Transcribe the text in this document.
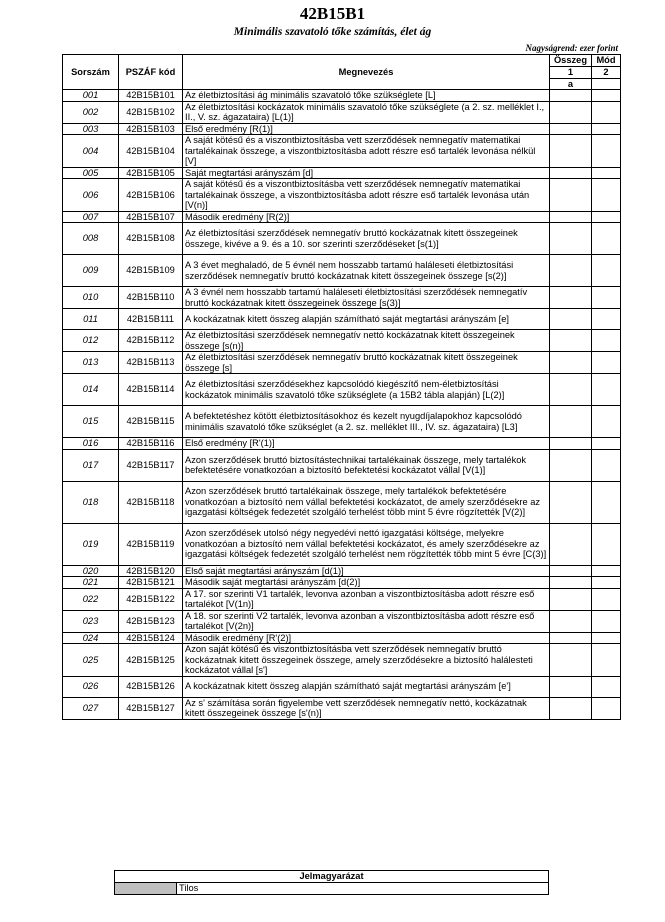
42B15B1
Minimális szavatoló tőke számítás, élet ág
Nagyságrend: ezer forint
Sorszám	PSZÁF kód	Megnevezés	Összeg	Mód
			1	2
			a	
001	42B15B101	Az életbiztosítási ág minimális szavatoló tőke szükséglete [L]		
002	42B15B102	Az életbiztosítási kockázatok minimális szavatoló tőke szükséglete (a 2. sz. melléklet I., II., V. sz. ágazataira) [L(1)]		
003	42B15B103	Első eredmény [R(1)]		
004	42B15B104	A saját kötésű és a viszontbiztosításba vett szerződések nemnegatív matematikai tartalékainak összege, a viszontbiztosításba adott részre eső tartalék levonása nélkül [V]		
005	42B15B105	Saját megtartási arányszám [d]		
006	42B15B106	A saját kötésű és a viszontbiztosításba vett szerződések nemnegatív matematikai tartalékainak összege, a viszontbiztosításba adott részre eső tartalék levonása után [V(n)]		
007	42B15B107	Második eredmény [R(2)]		
008	42B15B108	Az életbiztosítási szerződések nemnegatív bruttó kockázatnak kitett összegeinek összege, kivéve a 9. és a 10. sor szerinti szerződéseket [s(1)]		
009	42B15B109	A 3 évet meghaladó, de 5 évnél nem hosszabb tartamú haláleseti életbiztosítási szerződések nemnegatív bruttó kockázatnak kitett összegeinek összege [s(2)]		
010	42B15B110	A 3 évnél nem hosszabb tartamú haláleseti életbiztosítási szerződések nemnegatív bruttó kockázatnak kitett összegeinek összege [s(3)]		
011	42B15B111	A kockázatnak kitett összeg alapján számítható saját megtartási arányszám [e]		
012	42B15B112	Az életbiztosítási szerződések nemnegatív nettó kockázatnak kitett összegeinek összege [s(n)]		
013	42B15B113	Az életbiztosítási szerződések nemnegatív bruttó kockázatnak kitett összegeinek összege [s]		
014	42B15B114	Az életbiztosítási szerződésekhez kapcsolódó kiegészítő nem-életbiztosítási kockázatok minimális szavatoló tőke szükséglete (a 15B2 tábla alapján) [L(2)]		
015	42B15B115	A befektetéshez kötött életbiztosításokhoz és kezelt nyugdíjalapokhoz kapcsolódó minimális szavatoló tőke szükséglet (a 2. sz. melléklet III., IV. sz. ágazataira) [L3]		
016	42B15B116	Első eredmény [R'(1)]		
017	42B15B117	Azon szerződések bruttó biztosítástechnikai tartalékainak összege, mely tartalékok befektetésére vonatkozóan a biztosító befektetési kockázatot vállal [V(1)]		
018	42B15B118	Azon szerződések bruttó tartalékainak összege, mely tartalékok befektetésére vonatkozóan a biztosító nem vállal befektetési kockázatot, de amely szerződésekre az igazgatási költségek fedezetét szolgáló terhelést több mint 5 évre rögzítették [V(2)]		
019	42B15B119	Azon szerződések utolsó négy negyedévi nettó igazgatási költsége, melyekre vonatkozóan a biztosító nem vállal befektetési kockázatot, és amely szerződésekre az igazgatási költségek fedezetét szolgáló terhelést nem rögzítették több mint 5 évre [C(3)]		
020	42B15B120	Első saját megtartási arányszám [d(1)]		
021	42B15B121	Második saját megtartási arányszám [d(2)]		
022	42B15B122	A 17. sor szerinti V1 tartalék, levonva azonban a viszontbiztosításba adott részre eső tartalékot [V(1n)]		
023	42B15B123	A 18. sor szerinti V2 tartalék, levonva azonban a viszontbiztosításba adott részre eső tartalékot [V(2n)]		
024	42B15B124	Második eredmény [R'(2)]		
025	42B15B125	Azon saját kötésű és viszontbiztosításba vett szerződések nemnegatív bruttó kockázatnak kitett összegeinek összege, amely szerződésekre a biztosító halálesteti kockázatot vállal [s']		
026	42B15B126	A kockázatnak kitett összeg alapján számítható saját megtartási arányszám [e']		
027	42B15B127	Az s' számítása során figyelembe vett szerződések nemnegatív nettó, kockázatnak kitett összegeinek összege [s'(n)]		
Jelmagyarázat
	Tilos
